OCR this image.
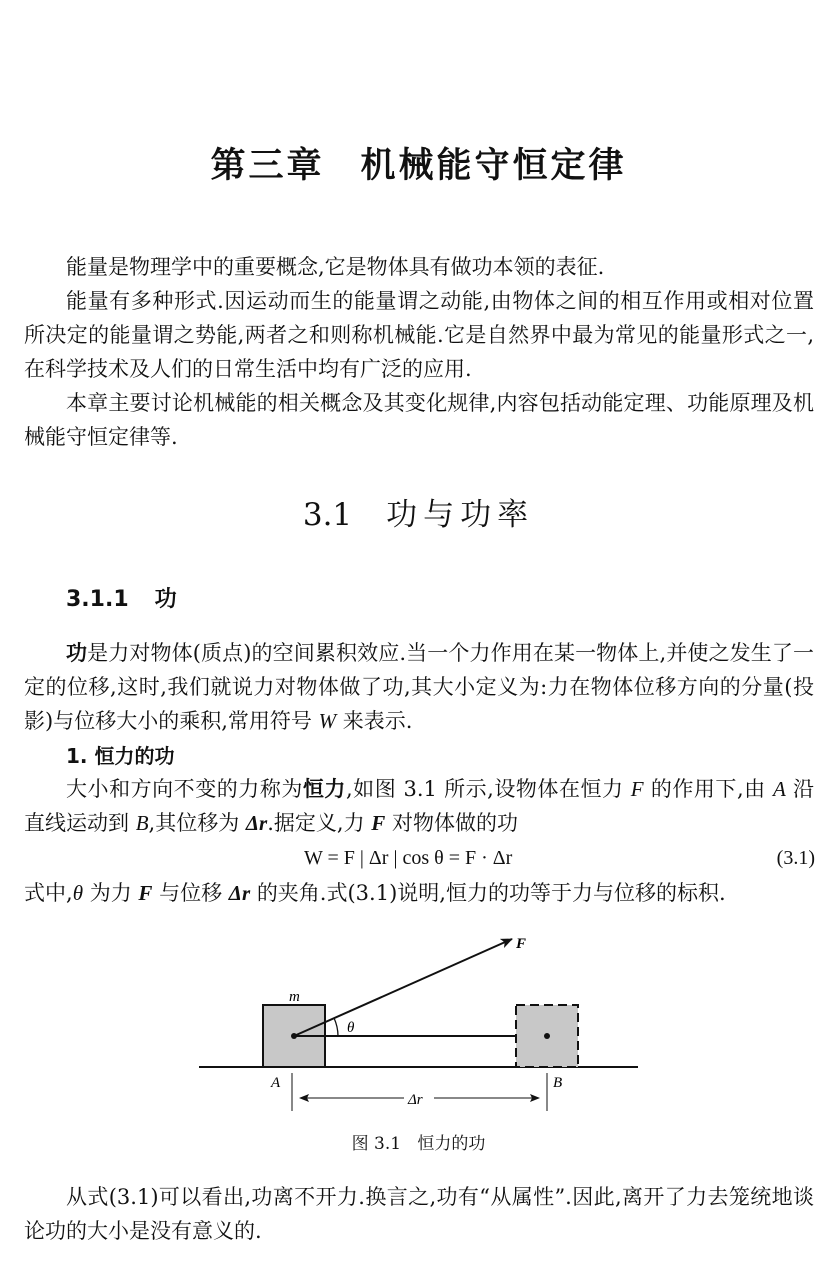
第三章 机械能守恒定律

能量是物理学中的重要概念,它是物体具有做功本领的表征.

能量有多种形式.因运动而生的能量谓之动能,由物体之间的相互作用或相对位置所决定的能量谓之势能,两者之和则称机械能.它是自然界中最为常见的能量形式之一,在科学技术及人们的日常生活中均有广泛的应用.

本章主要讨论机械能的相关概念及其变化规律,内容包括动能定理、功能原理及机械能守恒定律等.

3.1 功与功率
3.1.1 功

功是力对物体(质点)的空间累积效应.当一个力作用在某一物体上,并使之发生了一定的位移,这时,我们就说力对物体做了功,其大小定义为:力在物体位移方向的分量(投影)与位移大小的乘积,常用符号 W 来表示.

1. 恒力的功

大小和方向不变的力称为恒力,如图 3.1 所示,设物体在恒力 F 的作用下,由 A 沿直线运动到 B,其位移为 Δr.据定义,力 F 对物体做的功

W = F | Δr | cos θ = F · Δr	(3.1)

式中,θ 为力 F 与位移 Δr 的夹角.式(3.1)说明,恒力的功等于力与位移的标积.

F
m
θ
A	B
Δr
图 3.1 恒力的功

从式(3.1)可以看出,功离不开力.换言之,功有“从属性”.因此,离开了力去笼统地谈论功的大小是没有意义的.
